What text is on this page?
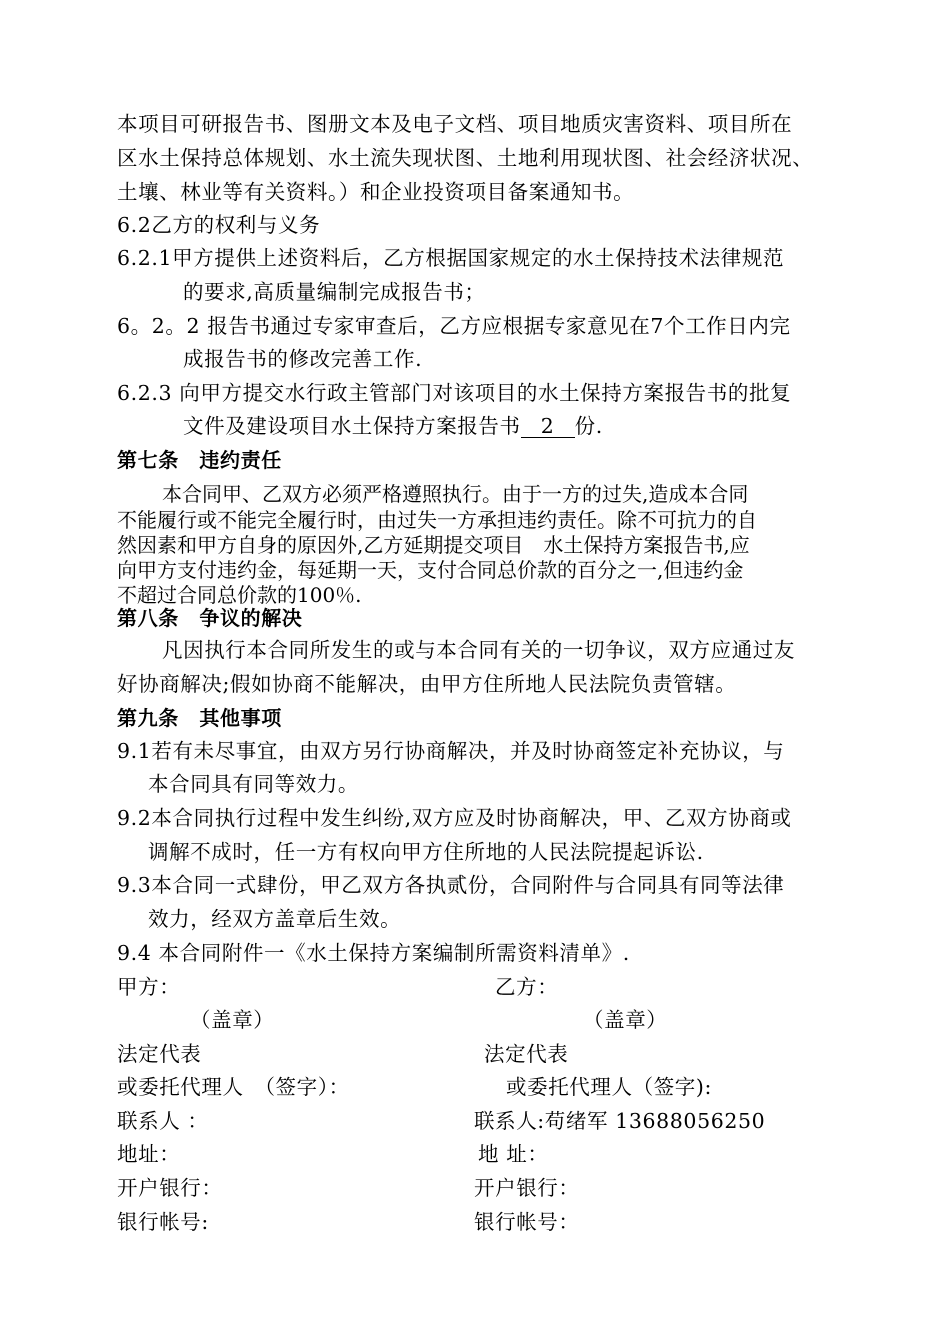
本项目可研报告书、图册文本及电子文档、项目地质灾害资料、项目所在
区水土保持总体规划、水土流失现状图、土地利用现状图、社会经济状况、
土壤、林业等有关资料。）和企业投资项目备案通知书。
6.2乙方的权利与义务
6.2.1甲方提供上述资料后，乙方根据国家规定的水土保持技术法律规范
的要求,高质量编制完成报告书；
6。2。2 报告书通过专家审查后，乙方应根据专家意见在7个工作日内完
成报告书的修改完善工作.
6.2.3 向甲方提交水行政主管部门对该项目的水土保持方案报告书的批复
文件及建设项目水土保持方案报告书 2 份.
第七条　违约责任
本合同甲、乙双方必须严格遵照执行。由于一方的过失,造成本合同
不能履行或不能完全履行时，由过失一方承担违约责任。除不可抗力的自
然因素和甲方自身的原因外,乙方延期提交项目　水土保持方案报告书,应
向甲方支付违约金，每延期一天，支付合同总价款的百分之一,但违约金
不超过合同总价款的100％.
第八条　争议的解决
凡因执行本合同所发生的或与本合同有关的一切争议，双方应通过友
好协商解决;假如协商不能解决，由甲方住所地人民法院负责管辖。
第九条　其他事项
9.1若有未尽事宜，由双方另行协商解决，并及时协商签定补充协议，与
本合同具有同等效力。
9.2本合同执行过程中发生纠纷,双方应及时协商解决，甲、乙双方协商或
调解不成时，任一方有权向甲方住所地的人民法院提起诉讼.
9.3本合同一式肆份，甲乙双方各执贰份，合同附件与合同具有同等法律
效力，经双方盖章后生效。
9.4 本合同附件一《水土保持方案编制所需资料清单》.
甲方：
（盖章）
法定代表
或委托代理人　（签字）：
联系人 ：
地址：
开户银行：
银行帐号:
乙方：
（盖章）
法定代表
或委托代理人（签字):
联系人:苟绪军 13688056250
地 址：
开户银行：
银行帐号：
